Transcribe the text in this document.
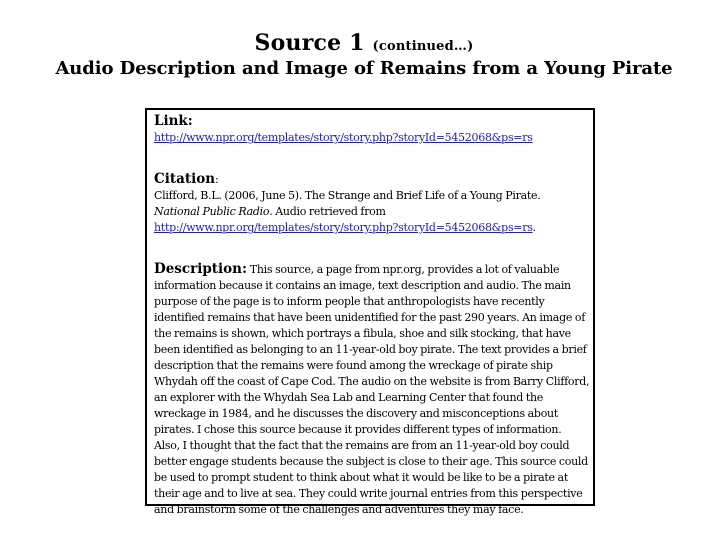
Source 1 (continued…)
Audio Description and Image of Remains from a Young Pirate

Link:

http://www.npr.org/templates/story/story.php?storyId=5452068&ps=rs

Citation:

Clifford, B.L. (2006, June 5). The Strange and Brief Life of a Young Pirate.

National Public Radio. Audio retrieved from

http://www.npr.org/templates/story/story.php?storyId=5452068&ps=rs.

Description: This source, a page from npr.org, provides a lot of valuable information because it contains an image, text description and audio. The main purpose of the page is to inform people that anthropologists have recently identified remains that have been unidentified for the past 290 years. An image of the remains is shown, which portrays a fibula, shoe and silk stocking, that have been identified as belonging to an 11-year-old boy pirate. The text provides a brief description that the remains were found among the wreckage of pirate ship Whydah off the coast of Cape Cod. The audio on the website is from Barry Clifford, an explorer with the Whydah Sea Lab and Learning Center that found the wreckage in 1984, and he discusses the discovery and misconceptions about pirates. I chose this source because it provides different types of information. Also, I thought that the fact that the remains are from an 11-year-old boy could better engage students because the subject is close to their age. This source could be used to prompt student to think about what it would be like to be a pirate at their age and to live at sea. They could write journal entries from this perspective and brainstorm some of the challenges and adventures they may face.
